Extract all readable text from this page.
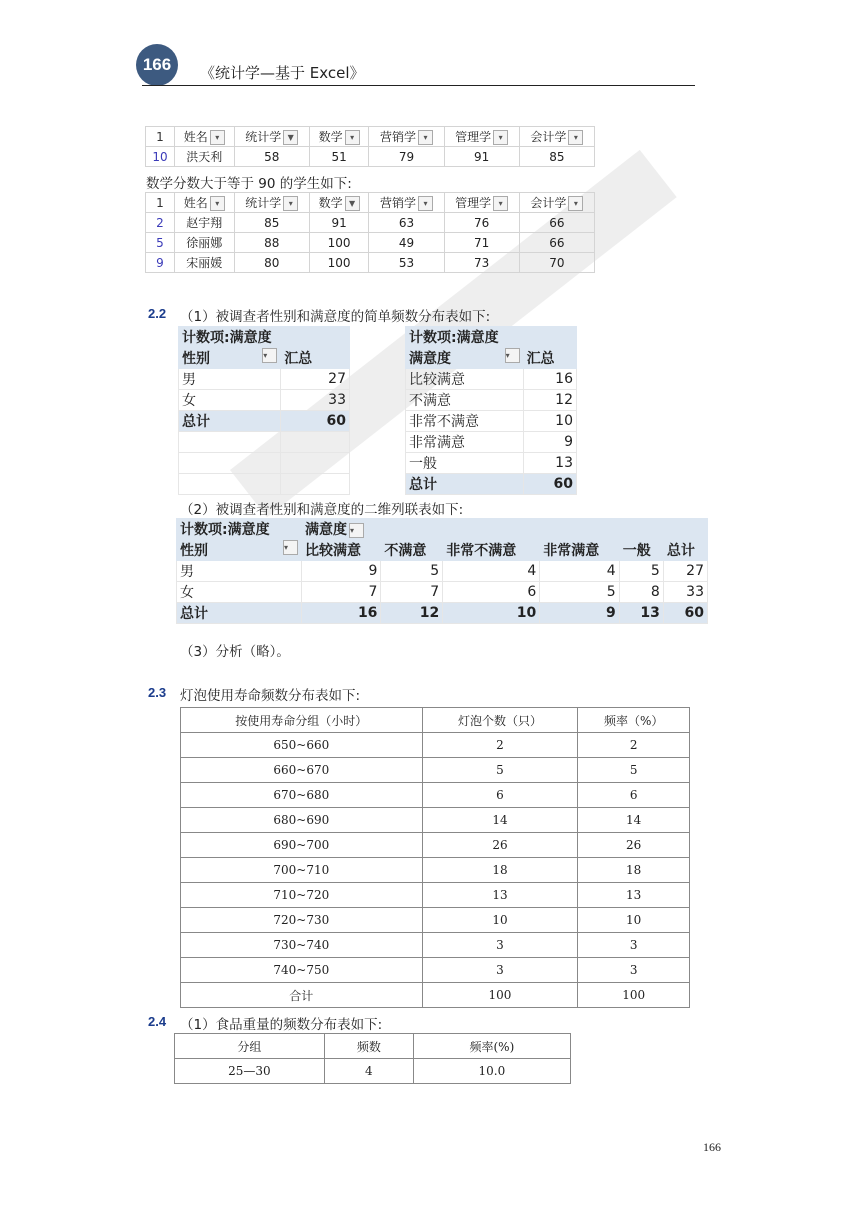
166	《统计学—基于 Excel》
1	姓名 ▾	统计学 ▼	数学 ▾	营销学 ▾	管理学 ▾	会计学 ▾
10	洪天利	58	51	79	91	85
数学分数大于等于 90 的学生如下:
1	姓名 ▾	统计学 ▾	数学 ▼	营销学 ▾	管理学 ▾	会计学 ▾
2	赵宇翔	85	91	63	76	66
5	徐丽娜	88	100	49	71	66
9	宋丽媛	80	100	53	73	70
2.2 （1）被调查者性别和满意度的简单频数分布表如下:
计数项:满意度	
性别 ▾	汇总
男	27
女	33
总计	60

计数项:满意度	
满意度 ▾	汇总
比较满意	16
不满意	12
非常不满意	10
非常满意	9
一般	13
总计	60
（2）被调查者性别和满意度的二维列联表如下:
计数项:满意度	满意度 ▾					
性别 ▾	比较满意	不满意	非常不满意	非常满意	一般	总计
男	9	5	4	4	5	27
女	7	7	6	5	8	33
总计	16	12	10	9	13	60
（3）分析（略）。
2.3 灯泡使用寿命频数分布表如下:
按使用寿命分组（小时）	灯泡个数（只）	频率（%）
650~660	2	2
660~670	5	5
670~680	6	6
680~690	14	14
690~700	26	26
700~710	18	18
710~720	13	13
720~730	10	10
730~740	3	3
740~750	3	3
合计	100	100
2.4 （1）食品重量的频数分布表如下:
分组	频数	频率(%)
25—30	4	10.0
166
